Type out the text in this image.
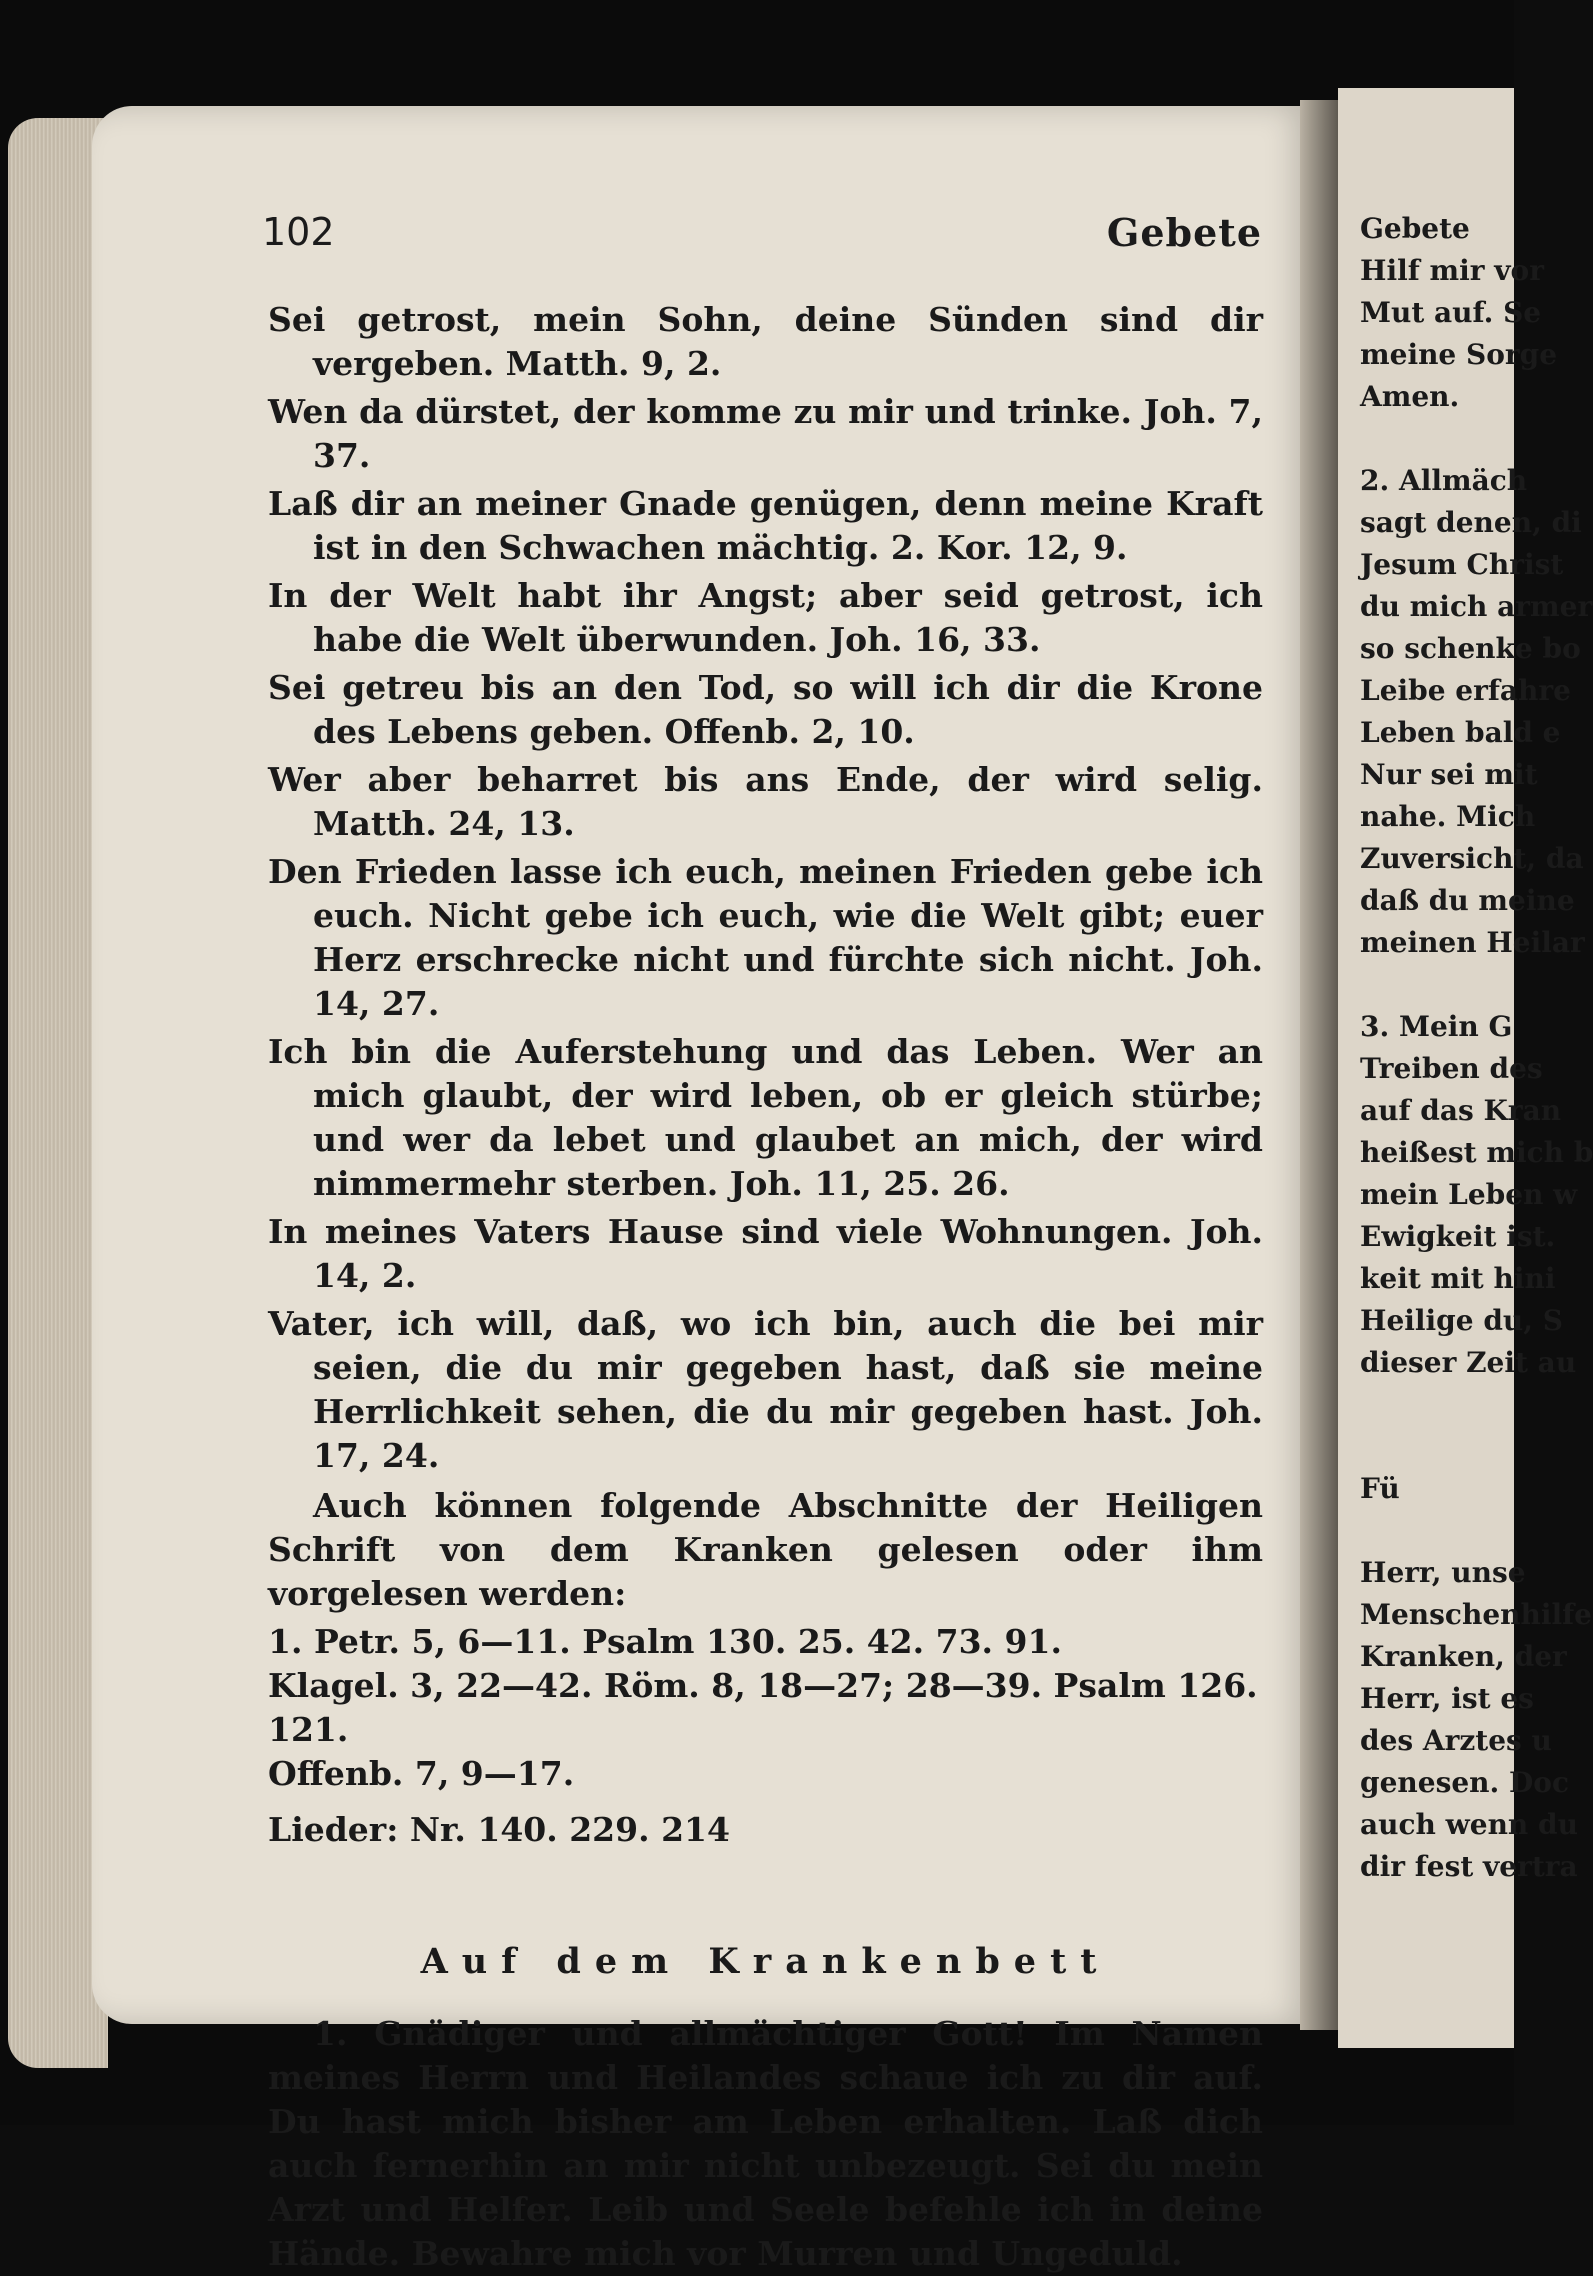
102	Gebete

Sei getrost, mein Sohn, deine Sünden sind dir vergeben. Matth. 9, 2.

Wen da dürstet, der komme zu mir und trinke. Joh. 7, 37.

Laß dir an meiner Gnade genügen, denn meine Kraft ist in den Schwachen mächtig. 2. Kor. 12, 9.

In der Welt habt ihr Angst; aber seid getrost, ich habe die Welt überwunden. Joh. 16, 33.

Sei getreu bis an den Tod, so will ich dir die Krone des Lebens geben. Offenb. 2, 10.

Wer aber beharret bis ans Ende, der wird selig. Matth. 24, 13.

Den Frieden lasse ich euch, meinen Frieden gebe ich euch. Nicht gebe ich euch, wie die Welt gibt; euer Herz erschrecke nicht und fürchte sich nicht. Joh. 14, 27.

Ich bin die Auferstehung und das Leben. Wer an mich glaubt, der wird leben, ob er gleich stürbe; und wer da lebet und glaubet an mich, der wird nimmermehr sterben. Joh. 11, 25. 26.

In meines Vaters Hause sind viele Wohnungen. Joh. 14, 2.

Vater, ich will, daß, wo ich bin, auch die bei mir seien, die du mir gegeben hast, daß sie meine Herrlichkeit sehen, die du mir gegeben hast. Joh. 17, 24.

Auch können folgende Abschnitte der Heiligen Schrift von dem Kranken gelesen oder ihm vorgelesen werden:

1. Petr. 5, 6—11. Psalm 130. 25. 42. 73. 91.

Klagel. 3, 22—42. Röm. 8, 18—27; 28—39. Psalm 126. 121.

Offenb. 7, 9—17.

Lieder: Nr. 140. 229. 214

Auf dem Krankenbett

1. Gnädiger und allmächtiger Gott! Im Namen meines Herrn und Heilandes schaue ich zu dir auf. Du hast mich bisher am Leben erhalten. Laß dich auch fernerhin an mir nicht unbezeugt. Sei du mein Arzt und Helfer. Leib und Seele befehle ich in deine Hände. Bewahre mich vor Murren und Ungeduld.

Gebete
Hilf mir vor
Mut auf. Se
meine Sorge
Amen.
2. Allmäch
sagt denen, di
Jesum Christ
du mich armer
so schenke bo
Leibe erfahre
Leben bald e
Nur sei mit
nahe. Mich
Zuversicht, da
daß du meine
meinen Heilar
3. Mein G
Treiben des
auf das Kran
heißest mich b
mein Leben w
Ewigkeit ist.
keit mit hini
Heilige du, S
dieser Zeit au
Fü
Herr, unse
Menschenhilfe
Kranken, der
Herr, ist es
des Arztes u
genesen. Doc
auch wenn du
dir fest vertra
